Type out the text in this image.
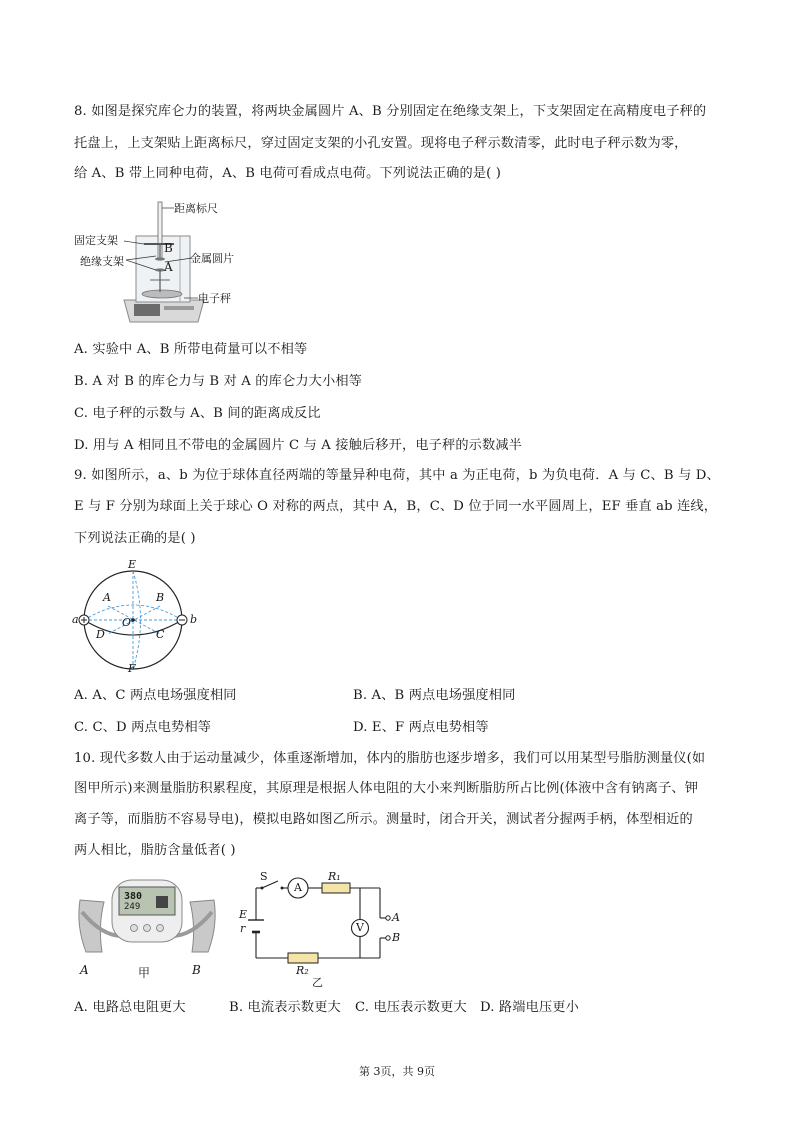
8. 如图是探究库仑力的装置，将两块金属圆片 A、B 分别固定在绝缘支架上，下支架固定在高精度电子秤的
托盘上，上支架贴上距离标尺，穿过固定支架的小孔安置。现将电子秤示数清零，此时电子秤示数为零，
给 A、B 带上同种电荷，A、B 电荷可看成点电荷。下列说法正确的是( )
距离标尺
固定支架
绝缘支架	金属圆片
电子秤
B
A
A. 实验中 A、B 所带电荷量可以不相等
B. A 对 B 的库仑力与 B 对 A 的库仑力大小相等
C. 电子秤的示数与 A、B 间的距离成反比
D. 用与 A 相同且不带电的金属圆片 C 与 A 接触后移开，电子秤的示数减半
9. 如图所示，a、b 为位于球体直径两端的等量异种电荷，其中 a 为正电荷，b 为负电荷．A 与 C、B 与 D、
E 与 F 分别为球面上关于球心 O 对称的两点，其中 A，B，C、D 位于同一水平圆周上，EF 垂直 ab 连线，
下列说法正确的是( )
E
F
a	b
A	B
D	C
O
A. A、C 两点电场强度相同	B. A、B 两点电场强度相同
C. C、D 两点电势相等	D. E、F 两点电势相等
10. 现代多数人由于运动量减少，体重逐渐增加，体内的脂肪也逐步增多，我们可以用某型号脂肪测量仪(如
图甲所示)来测量脂肪积累程度，其原理是根据人体电阻的大小来判断脂肪所占比例(体液中含有钠离子、钾
离子等，而脂肪不容易导电)，模拟电路如图乙所示。测量时，闭合开关，测试者分握两手柄，体型相近的
两人相比，脂肪含量低者( )
380
249
A	甲	B
S
A
R₁
V
E
r
R₂
A
B
乙
A. 电路总电阻更大	B. 电流表示数更大 C. 电压表示数更大 D. 路端电压更小
第 3页，共 9页
